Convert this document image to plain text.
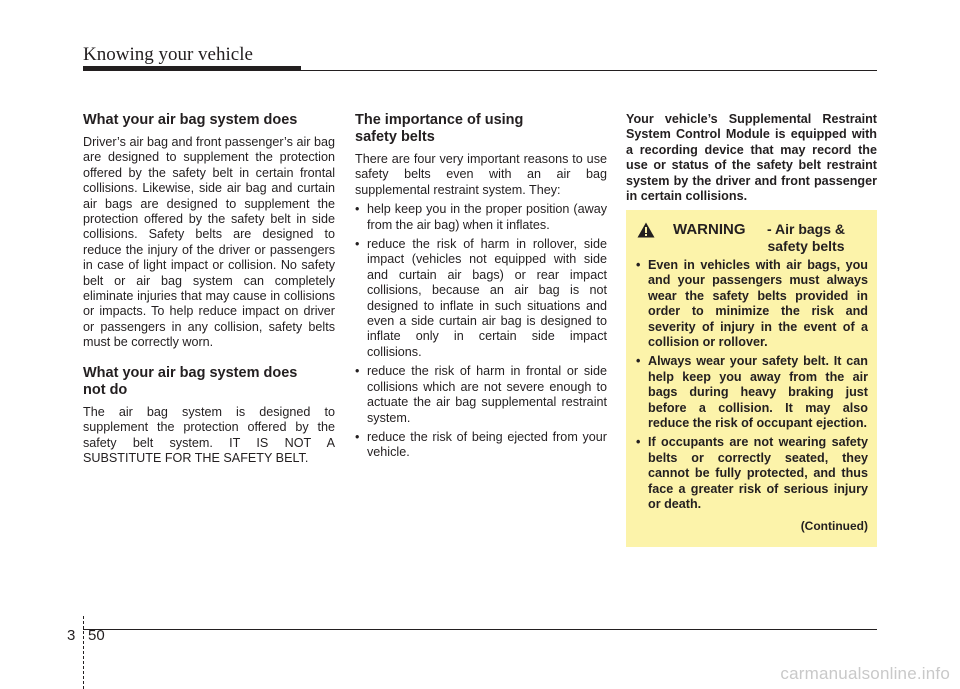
Knowing your vehicle
What your air bag system does

Driver’s air bag and front passenger’s air bag are designed to supplement the protection offered by the safety belt in certain frontal collisions. Likewise, side air bag and curtain air bags are designed to supplement the protection offered by the safety belt in side collisions. Safety belts are designed to reduce the injury of the driver or passengers in case of light impact or collision. No safety belt or air bag system can completely eliminate injuries that may cause in collisions or impacts. To help reduce impact on driver or passengers in any collision, safety belts must be correctly worn.

What your air bag system does not do

The air bag system is designed to supplement the protection offered by the safety belt system. IT IS NOT A SUBSTITUTE FOR THE SAFETY BELT.

The importance of using safety belts

There are four very important reasons to use safety belts even with an air bag supplemental restraint system. They:

• help keep you in the proper position (away from the air bag) when it inflates.
• reduce the risk of harm in rollover, side impact (vehicles not equipped with side and curtain air bags) or rear impact collisions, because an air bag is not designed to inflate in such situations and even a side curtain air bag is designed to inflate only in certain side impact collisions.
• reduce the risk of harm in frontal or side collisions which are not severe enough to actuate the air bag supplemental restraint system.
• reduce the risk of being ejected from your vehicle.

Your vehicle’s Supplemental Restraint System Control Module is equipped with a recording device that may record the use or status of the safety belt restraint system by the driver and front passenger in certain collisions.

WARNING	- Air bags & safety belts
• Even in vehicles with air bags, you and your passengers must always wear the safety belts provided in order to minimize the risk and severity of injury in the event of a collision or rollover.
• Always wear your safety belt. It can help keep you away from the air bags during heavy braking just before a collision. It may also reduce the risk of occupant ejection.
• If occupants are not wearing safety belts or correctly seated, they cannot be fully protected, and thus face a greater risk of serious injury or death.
(Continued)
3 50
carmanualsonline.info
